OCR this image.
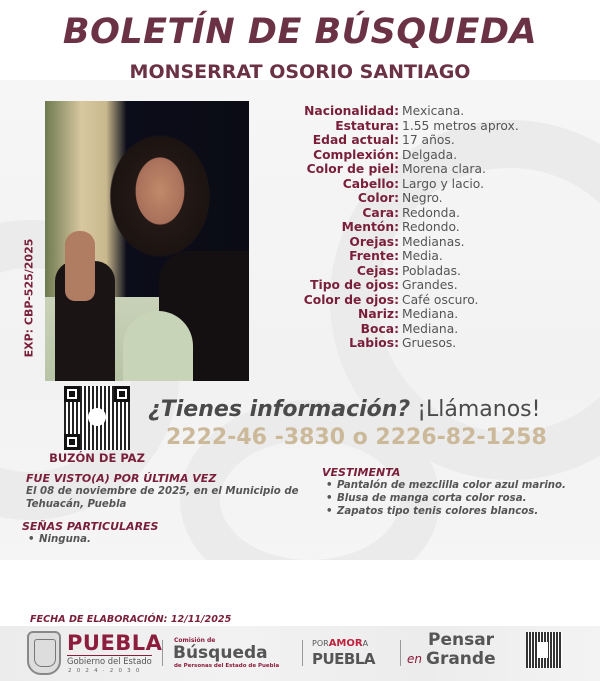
BOLETÍN DE BÚSQUEDA
MONSERRAT OSORIO SANTIAGO
EXP: CBP-525/2025
BUZÓN DE PAZ
Nacionalidad: Mexicana.
Estatura: 1.55 metros aprox.
Edad actual: 17 años.
Complexión: Delgada.
Color de piel: Morena clara.
Cabello: Largo y lacio.
Color: Negro.
Cara: Redonda.
Mentón: Redondo.
Orejas: Medianas.
Frente: Media.
Cejas: Pobladas.
Tipo de ojos: Grandes.
Color de ojos: Café oscuro.
Nariz: Mediana.
Boca: Mediana.
Labios: Gruesos.
¿Tienes información? ¡Llámanos!
2222-46 -3830 o 2226-82-1258
FUE VISTO(A) POR ÚLTIMA VEZ
El 08 de noviembre de 2025, en el Municipio de Tehuacán, Puebla
SEÑAS PARTICULARES
• Ninguna.
VESTIMENTA
• Pantalón de mezclilla color azul marino.
• Blusa de manga corta color rosa.
• Zapatos tipo tenis colores blancos.
FECHA DE ELABORACIÓN: 12/11/2025
PUEBLA
Gobierno del Estado
2024·2030
Comisión de
Búsqueda
de Personas del Estado de Puebla
PORAMORA
PUEBLA
Pensar
en Grande
